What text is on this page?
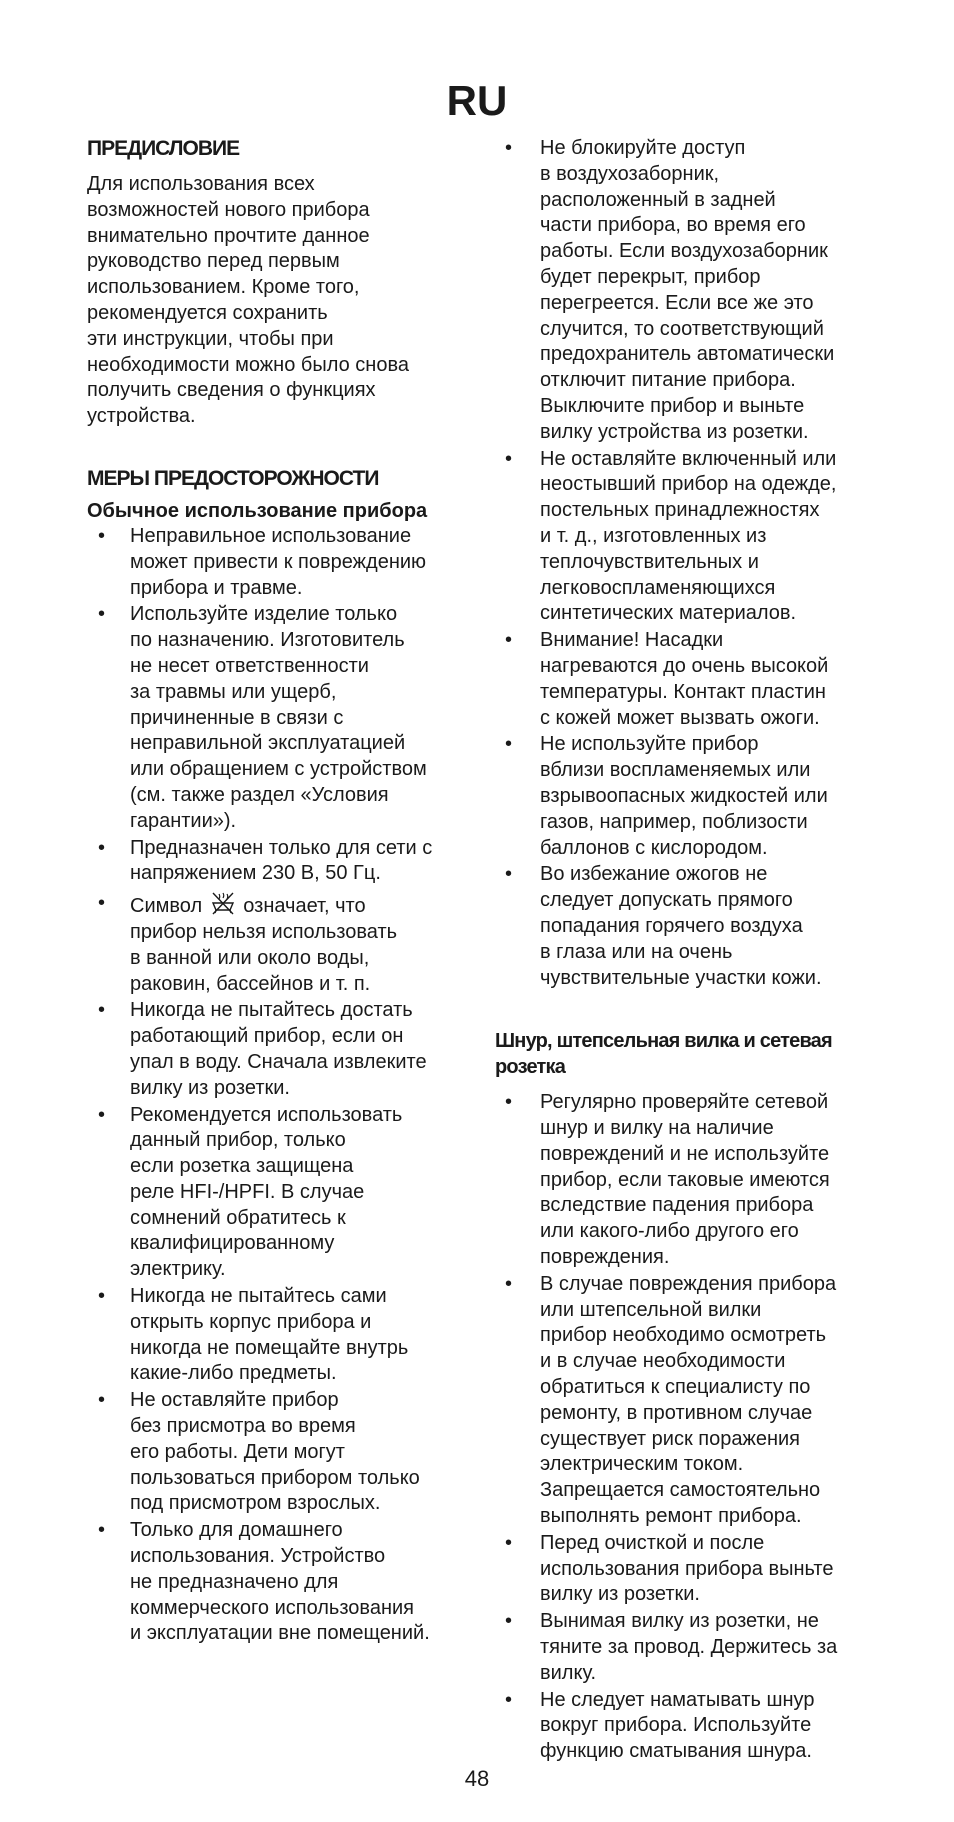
RU
ПРЕДИСЛОВИЕ
Для использования всех
возможностей нового прибора
внимательно прочтите данное
руководство перед первым
использованием. Кроме того,
рекомендуется сохранить
эти инструкции, чтобы при
необходимости можно было снова
получить сведения о функциях
устройства.
МЕРЫ ПРЕДОСТОРОЖНОСТИ
Обычное использование прибора
• Неправильное использование
может привести к повреждению
прибора и травме.
• Используйте изделие только
по назначению. Изготовитель
не несет ответственности
за травмы или ущерб,
причиненные в связи с
неправильной эксплуатацией
или обращением с устройством
(см. также раздел «Условия
гарантии»).
• Предназначен только для сети с
напряжением 230 В, 50 Гц.
• Символ означает, что
прибор нельзя использовать
в ванной или около воды,
раковин, бассейнов и т. п.
• Никогда не пытайтесь достать
работающий прибор, если он
упал в воду. Сначала извлеките
вилку из розетки.
• Рекомендуется использовать
данный прибор, только
если розетка защищена
реле HFI-/HPFI. В случае
сомнений обратитесь к
квалифицированному
электрику.
• Никогда не пытайтесь сами
открыть корпус прибора и
никогда не помещайте внутрь
какие-либо предметы.
• Не оставляйте прибор
без присмотра во время
его работы. Дети могут
пользоваться прибором только
под присмотром взрослых.
• Только для домашнего
использования. Устройство
не предназначено для
коммерческого использования
и эксплуатации вне помещений.
• Не блокируйте доступ
в воздухозаборник,
расположенный в задней
части прибора, во время его
работы. Если воздухозаборник
будет перекрыт, прибор
перегреется. Если все же это
случится, то соответствующий
предохранитель автоматически
отключит питание прибора.
Выключите прибор и выньте
вилку устройства из розетки.
• Не оставляйте включенный или
неостывший прибор на одежде,
постельных принадлежностях
и т. д., изготовленных из
теплочувствительных и
легковоспламеняющихся
синтетических материалов.
• Внимание! Насадки
нагреваются до очень высокой
температуры. Контакт пластин
с кожей может вызвать ожоги.
• Не используйте прибор
вблизи воспламеняемых или
взрывоопасных жидкостей или
газов, например, поблизости
баллонов с кислородом.
• Во избежание ожогов не
следует допускать прямого
попадания горячего воздуха
в глаза или на очень
чувствительные участки кожи.
Шнур, штепсельная вилка и сетевая
розетка
• Регулярно проверяйте сетевой
шнур и вилку на наличие
повреждений и не используйте
прибор, если таковые имеются
вследствие падения прибора
или какого-либо другого его
повреждения.
• В случае повреждения прибора
или штепсельной вилки
прибор необходимо осмотреть
и в случае необходимости
обратиться к специалисту по
ремонту, в противном случае
существует риск поражения
электрическим током.
Запрещается самостоятельно
выполнять ремонт прибора.
• Перед очисткой и после
использования прибора выньте
вилку из розетки.
• Вынимая вилку из розетки, не
тяните за провод. Держитесь за
вилку.
• Не следует наматывать шнур
вокруг прибора. Используйте
функцию сматывания шнура.
48
